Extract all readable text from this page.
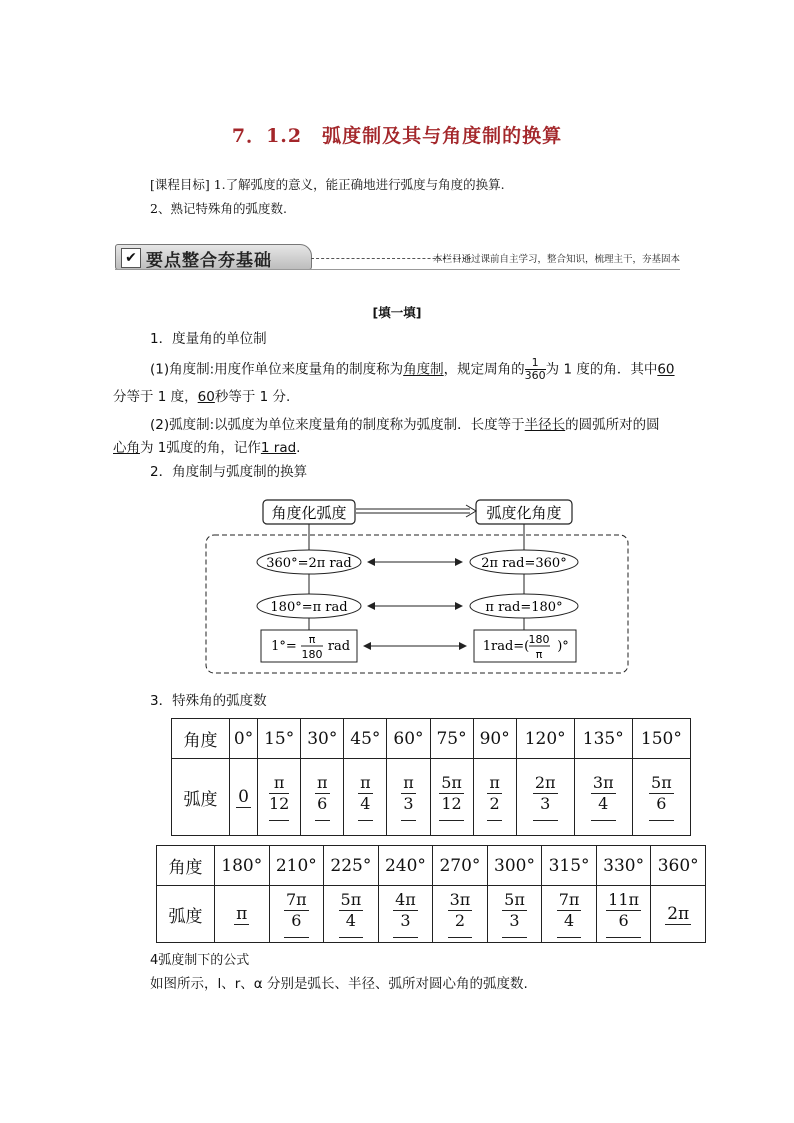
7．1.2　弧度制及其与角度制的换算
[课程目标] 1.了解弧度的意义，能正确地进行弧度与角度的换算.
2、熟记特殊角的弧度数.
✔ 要点整合夯基础	本栏目通过课前自主学习，整合知识，梳理主干，夯基固本
[填一填]
1．度量角的单位制
(1)角度制:用度作单位来度量角的制度称为角度制，规定周角的 $\frac{1}{360}$ 为 1 度的角．其中60
分等于 1 度，60秒等于 1 分.
(2)弧度制:以弧度为单位来度量角的制度称为弧度制．长度等于半径长的圆弧所对的圆
心角为 1弧度的角，记作1 rad.
2．角度制与弧度制的换算
角度化弧度	弧度化角度
360°=2π rad
180°=π rad
1°= π
180
rad
2π rad=360°
π rad=180°
1rad=( 180
π
)°
3．特殊角的弧度数
角度	0°	15°	30°	45°	60°	75°	90°	120°	135°	150°
弧度	0	$\frac{\pi}{12}$	$\frac{\pi}{6}$	$\frac{\pi}{4}$	$\frac{\pi}{3}$	$\frac{5\pi}{12}$	$\frac{\pi}{2}$	$\frac{2\pi}{3}$	$\frac{3\pi}{4}$	$\frac{5\pi}{6}$
角度	180°	210°	225°	240°	270°	300°	315°	330°	360°
弧度	π	$\frac{7\pi}{6}$	$\frac{5\pi}{4}$	$\frac{4\pi}{3}$	$\frac{3\pi}{2}$	$\frac{5\pi}{3}$	$\frac{7\pi}{4}$	$\frac{11\pi}{6}$	2π
4弧度制下的公式
如图所示，l、r、α 分别是弧长、半径、弧所对圆心角的弧度数.
